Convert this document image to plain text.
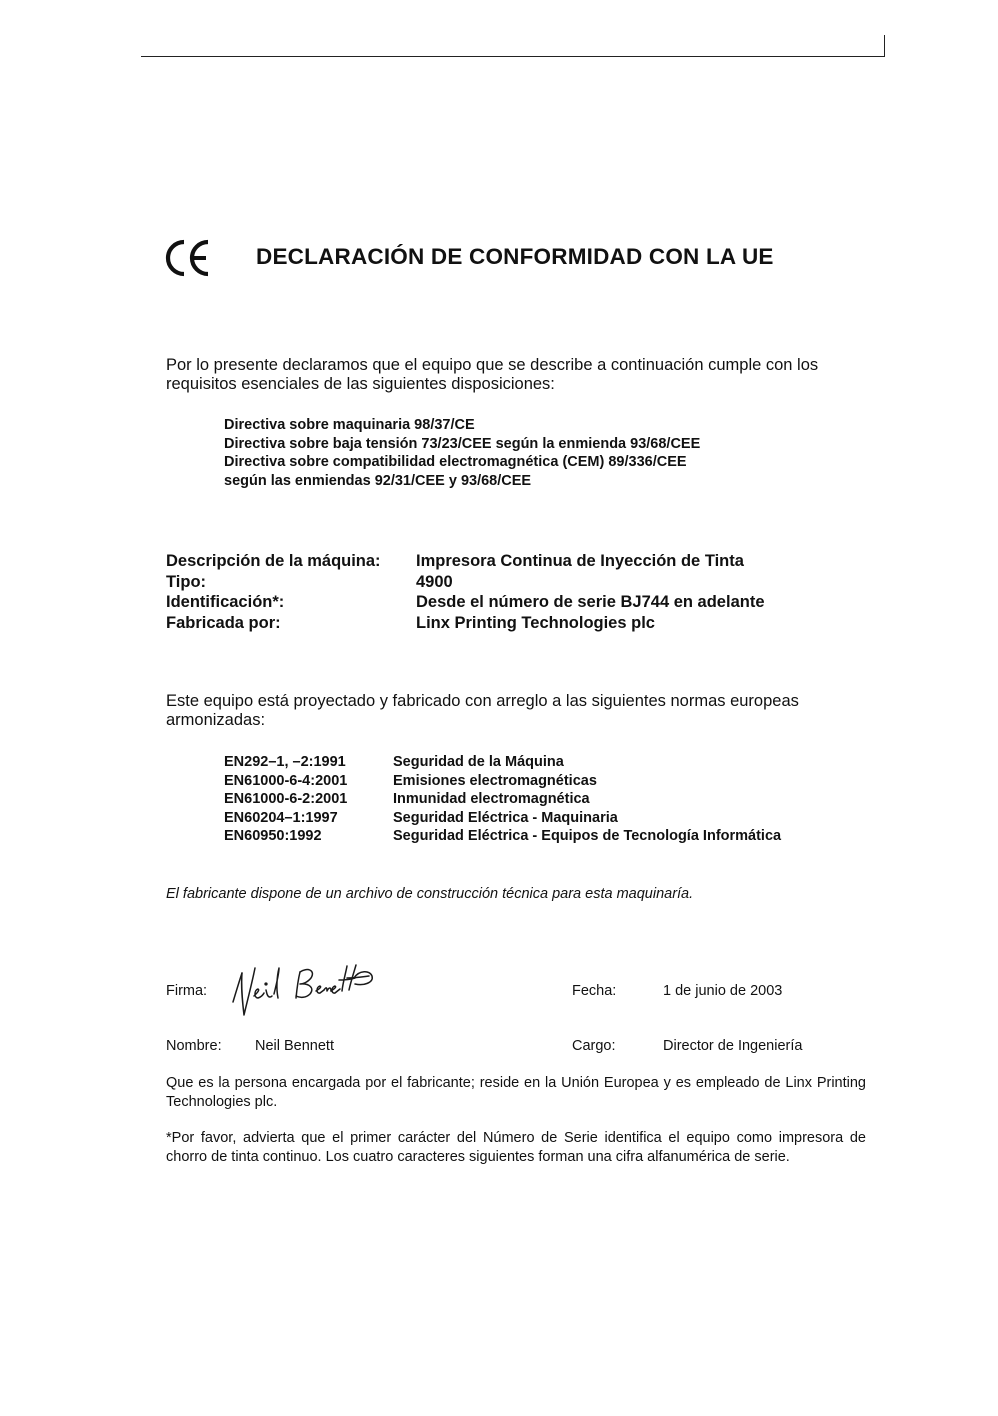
DECLARACIÓN DE CONFORMIDAD CON LA UE
Por lo presente declaramos que el equipo que se describe a continuación cumple con los requisitos esenciales de las siguientes disposiciones:
Directiva sobre maquinaria 98/37/CE
Directiva sobre baja tensión 73/23/CEE según la enmienda 93/68/CEE
Directiva sobre compatibilidad electromagnética (CEM) 89/336/CEE
según las enmiendas 92/31/CEE y 93/68/CEE
Descripción de la máquina:	Impresora Continua de Inyección de Tinta
Tipo:	4900
Identificación*:	Desde el número de serie BJ744 en adelante
Fabricada por:	Linx Printing Technologies plc
Este equipo está proyectado y fabricado con arreglo a las siguientes normas europeas armonizadas:
EN292–1, –2:1991	Seguridad de la Máquina
EN61000-6-4:2001	Emisiones electromagnéticas
EN61000-6-2:2001	Inmunidad electromagnética
EN60204–1:1997	Seguridad Eléctrica - Maquinaria
EN60950:1992	Seguridad Eléctrica - Equipos de Tecnología Informática
El fabricante dispone de un archivo de construcción técnica para esta maquinaría.
Firma:	Fecha:	1 de junio de 2003
Nombre: Neil Bennett	Cargo:	Director de Ingeniería
Que es la persona encargada por el fabricante; reside en la Unión Europea y es empleado de Linx Printing Technologies plc.
*Por favor, advierta que el primer carácter del Número de Serie identifica el equipo como impresora de chorro de tinta continuo. Los cuatro caracteres siguientes forman una cifra alfanumérica de serie.
